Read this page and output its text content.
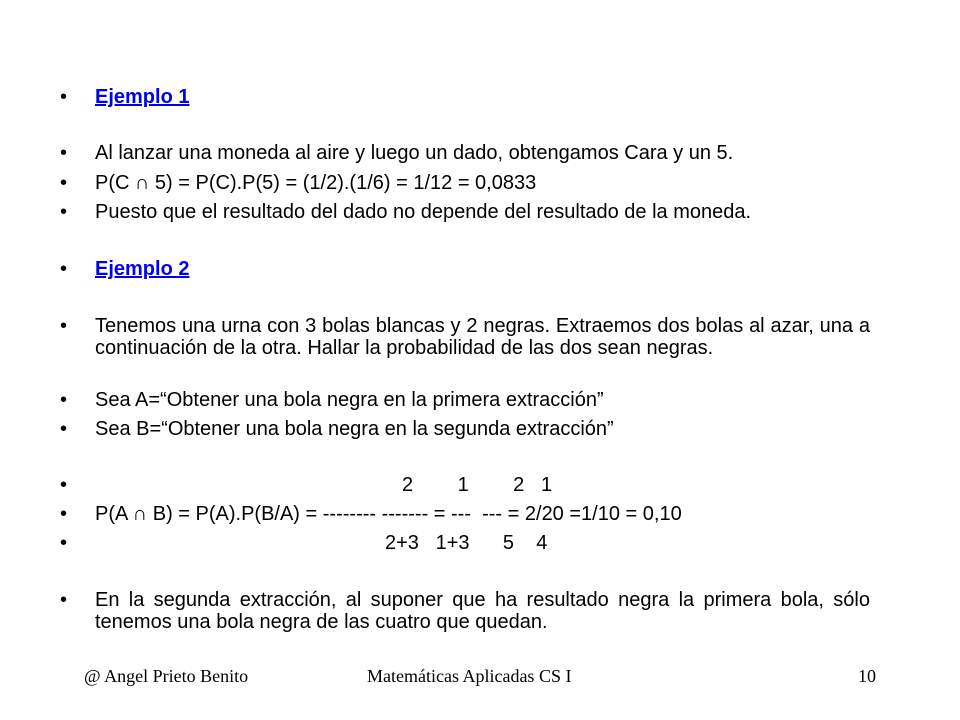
• Ejemplo 1
• Al lanzar una moneda al aire y luego un dado, obtengamos Cara y un 5.
• P(C ∩ 5) = P(C).P(5) = (1/2).(1/6) = 1/12 = 0,0833
• Puesto que el resultado del dado no depende del resultado de la moneda.
• Ejemplo 2
• Tenemos una urna con 3 bolas blancas y 2 negras. Extraemos dos bolas al azar, una a continuación de la otra. Hallar la probabilidad de las dos sean negras.
• Sea A=“Obtener una bola negra en la primera extracción”
• Sea B=“Obtener una bola negra en la segunda extracción”
•	2        1        2   1
• P(A ∩ B) = P(A).P(B/A) = -------- ------- = ---  --- = 2/20 =1/10 = 0,10
•	2+3   1+3      5    4
• En la segunda extracción, al suponer que ha resultado negra la primera bola, sólo tenemos una bola negra de las cuatro que quedan.
@ Angel Prieto Benito	Matemáticas Aplicadas CS I	10
